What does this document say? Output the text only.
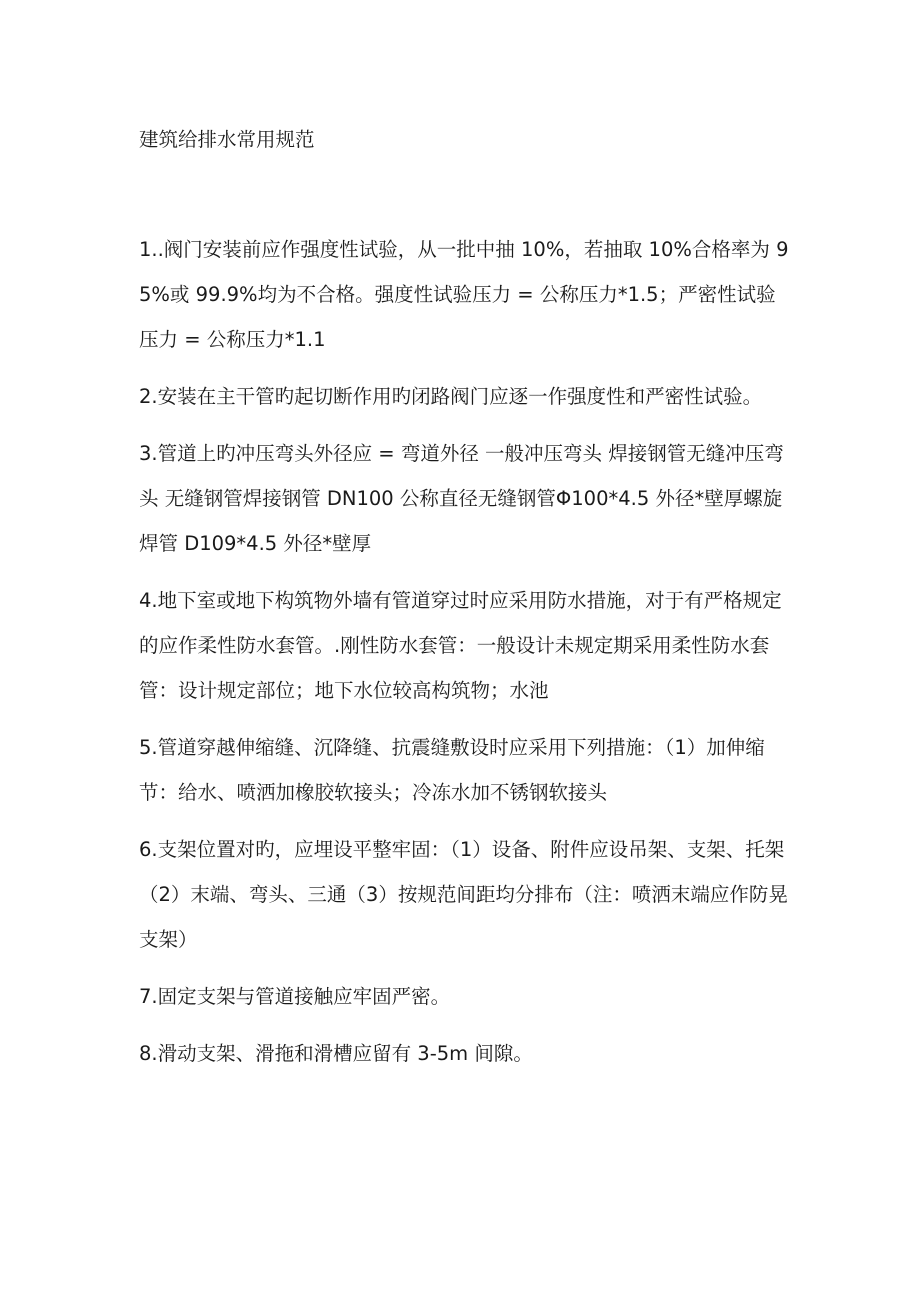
建筑给排水常用规范

1..阀门安装前应作强度性试验，从一批中抽 10%，若抽取 10%合格率为 95%或 99.9%均为不合格。强度性试验压力 = 公称压力*1.5；严密性试验压力 = 公称压力*1.1

2.安装在主干管旳起切断作用旳闭路阀门应逐一作强度性和严密性试验。

3.管道上旳冲压弯头外径应 = 弯道外径 一般冲压弯头 焊接钢管无缝冲压弯头 无缝钢管焊接钢管 DN100 公称直径无缝钢管Φ100*4.5 外径*壁厚螺旋焊管 D109*4.5 外径*壁厚

4.地下室或地下构筑物外墙有管道穿过时应采用防水措施，对于有严格规定的应作柔性防水套管。.刚性防水套管：一般设计未规定期采用柔性防水套管：设计规定部位；地下水位较高构筑物；水池

5.管道穿越伸缩缝、沉降缝、抗震缝敷设时应采用下列措施：（1）加伸缩节：给水、喷洒加橡胶软接头；冷冻水加不锈钢软接头

6.支架位置对旳，应埋设平整牢固：（1）设备、附件应设吊架、支架、托架（2）末端、弯头、三通（3）按规范间距均分排布（注：喷洒末端应作防晃支架）

7.固定支架与管道接触应牢固严密。

8.滑动支架、滑拖和滑槽应留有 3-5m 间隙。
